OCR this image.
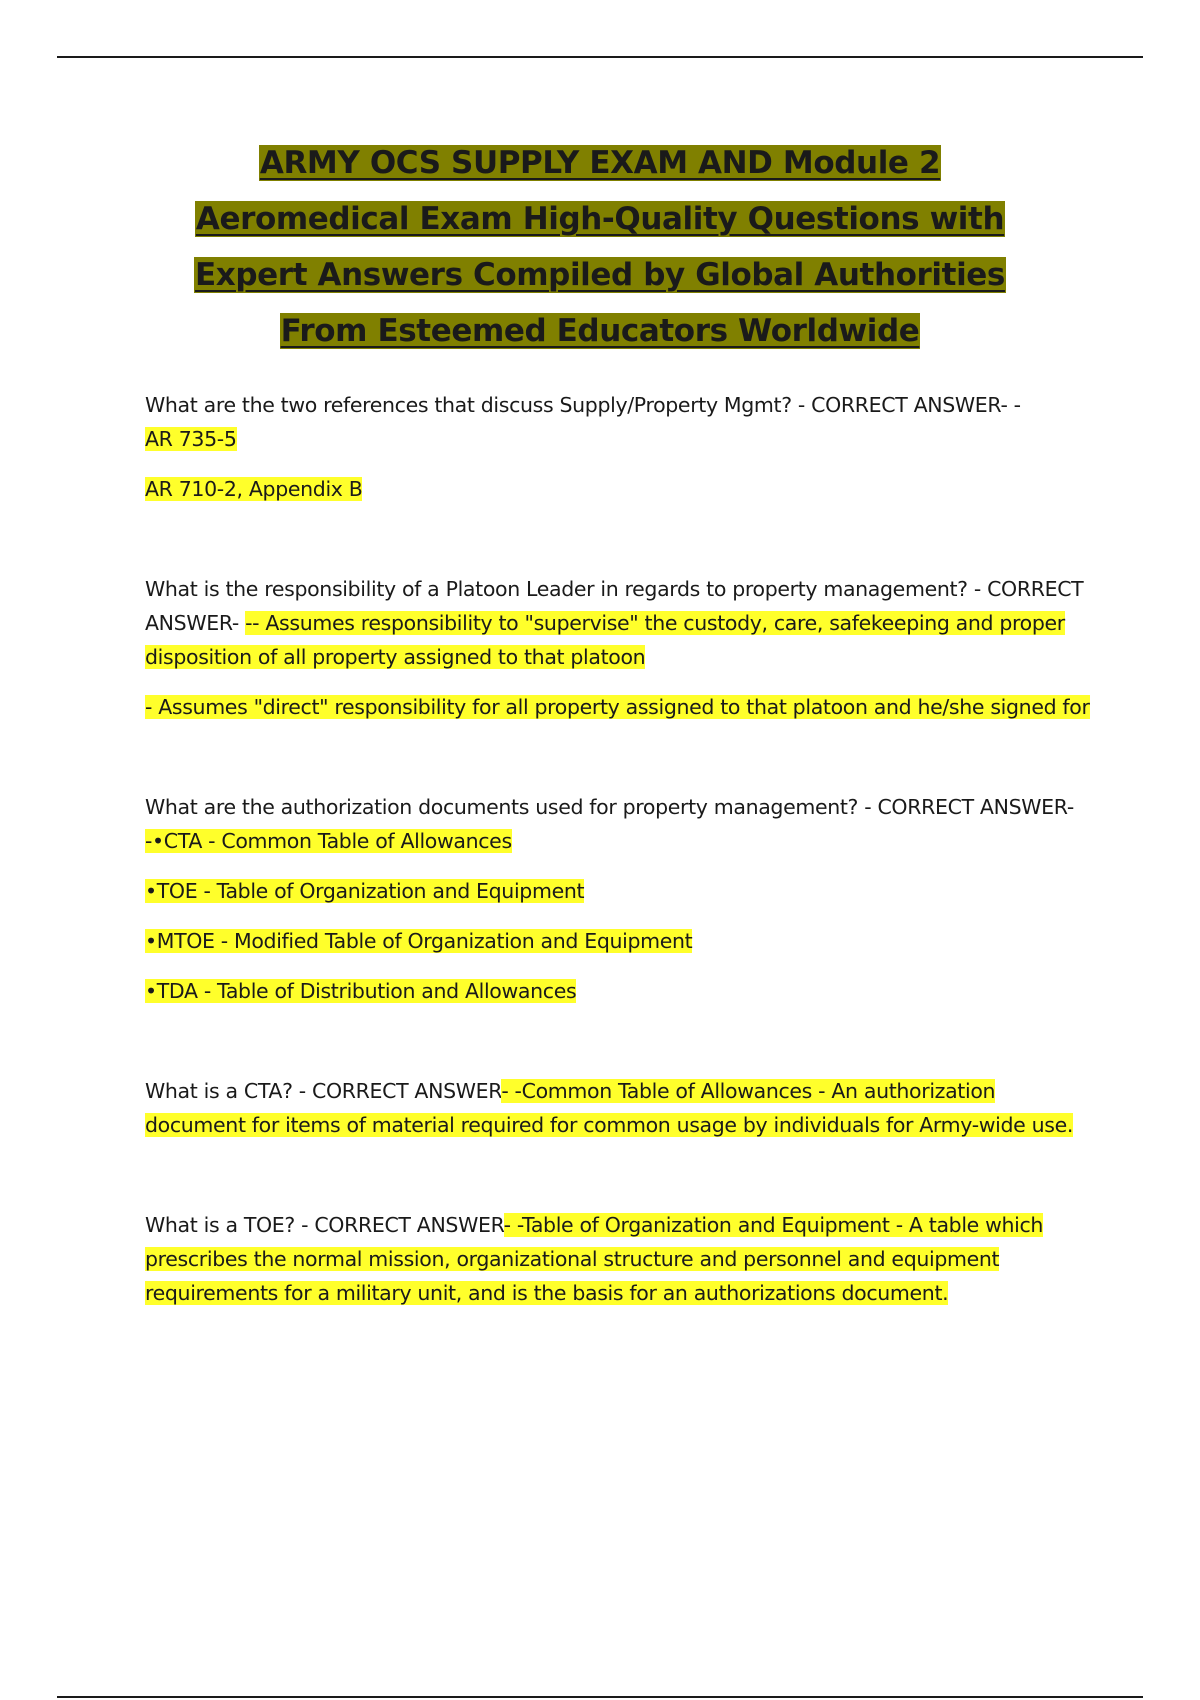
ARMY OCS SUPPLY EXAM AND Module 2
Aeromedical Exam High-Quality Questions with
Expert Answers Compiled by Global Authorities
From Esteemed Educators Worldwide

What are the two references that discuss Supply/Property Mgmt? - CORRECT ANSWER- -
AR 735-5

AR 710-2, Appendix B

What is the responsibility of a Platoon Leader in regards to property management? - CORRECT ANSWER- -- Assumes responsibility to "supervise" the custody, care, safekeeping and proper disposition of all property assigned to that platoon

- Assumes "direct" responsibility for all property assigned to that platoon and he/she signed for

What are the authorization documents used for property management? - CORRECT ANSWER- -•CTA - Common Table of Allowances

•TOE - Table of Organization and Equipment

•MTOE - Modified Table of Organization and Equipment

•TDA - Table of Distribution and Allowances

What is a CTA? - CORRECT ANSWER- -Common Table of Allowances - An authorization document for items of material required for common usage by individuals for Army-wide use.

What is a TOE? - CORRECT ANSWER- -Table of Organization and Equipment - A table which prescribes the normal mission, organizational structure and personnel and equipment requirements for a military unit, and is the basis for an authorizations document.
